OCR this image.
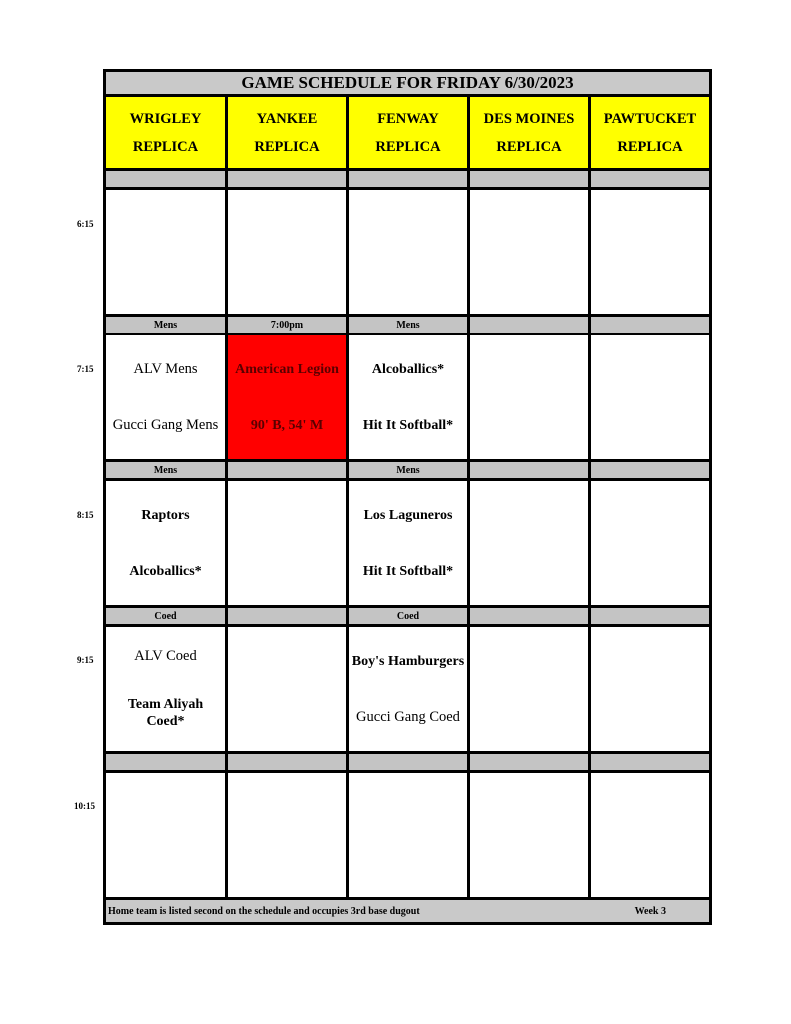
GAME SCHEDULE FOR FRIDAY 6/30/2023
WRIGLEY
REPLICA
YANKEE
REPLICA
FENWAY
REPLICA
DES MOINES
REPLICA
PAWTUCKET
REPLICA
Mens
ALV Mens
Gucci Gang Mens
7:00pm
American Legion
90' B, 54' M
Mens
Alcoballics*
Hit It Softball*
Mens
Raptors
Alcoballics*
Mens
Los Laguneros
Hit It Softball*
Coed
ALV Coed
Team Aliyah Coed*
Coed
Boy's Hamburgers
Gucci Gang Coed
Home team is listed second on the schedule and occupies 3rd base dugout	Week 3
6:15
7:15
8:15
9:15
10:15
